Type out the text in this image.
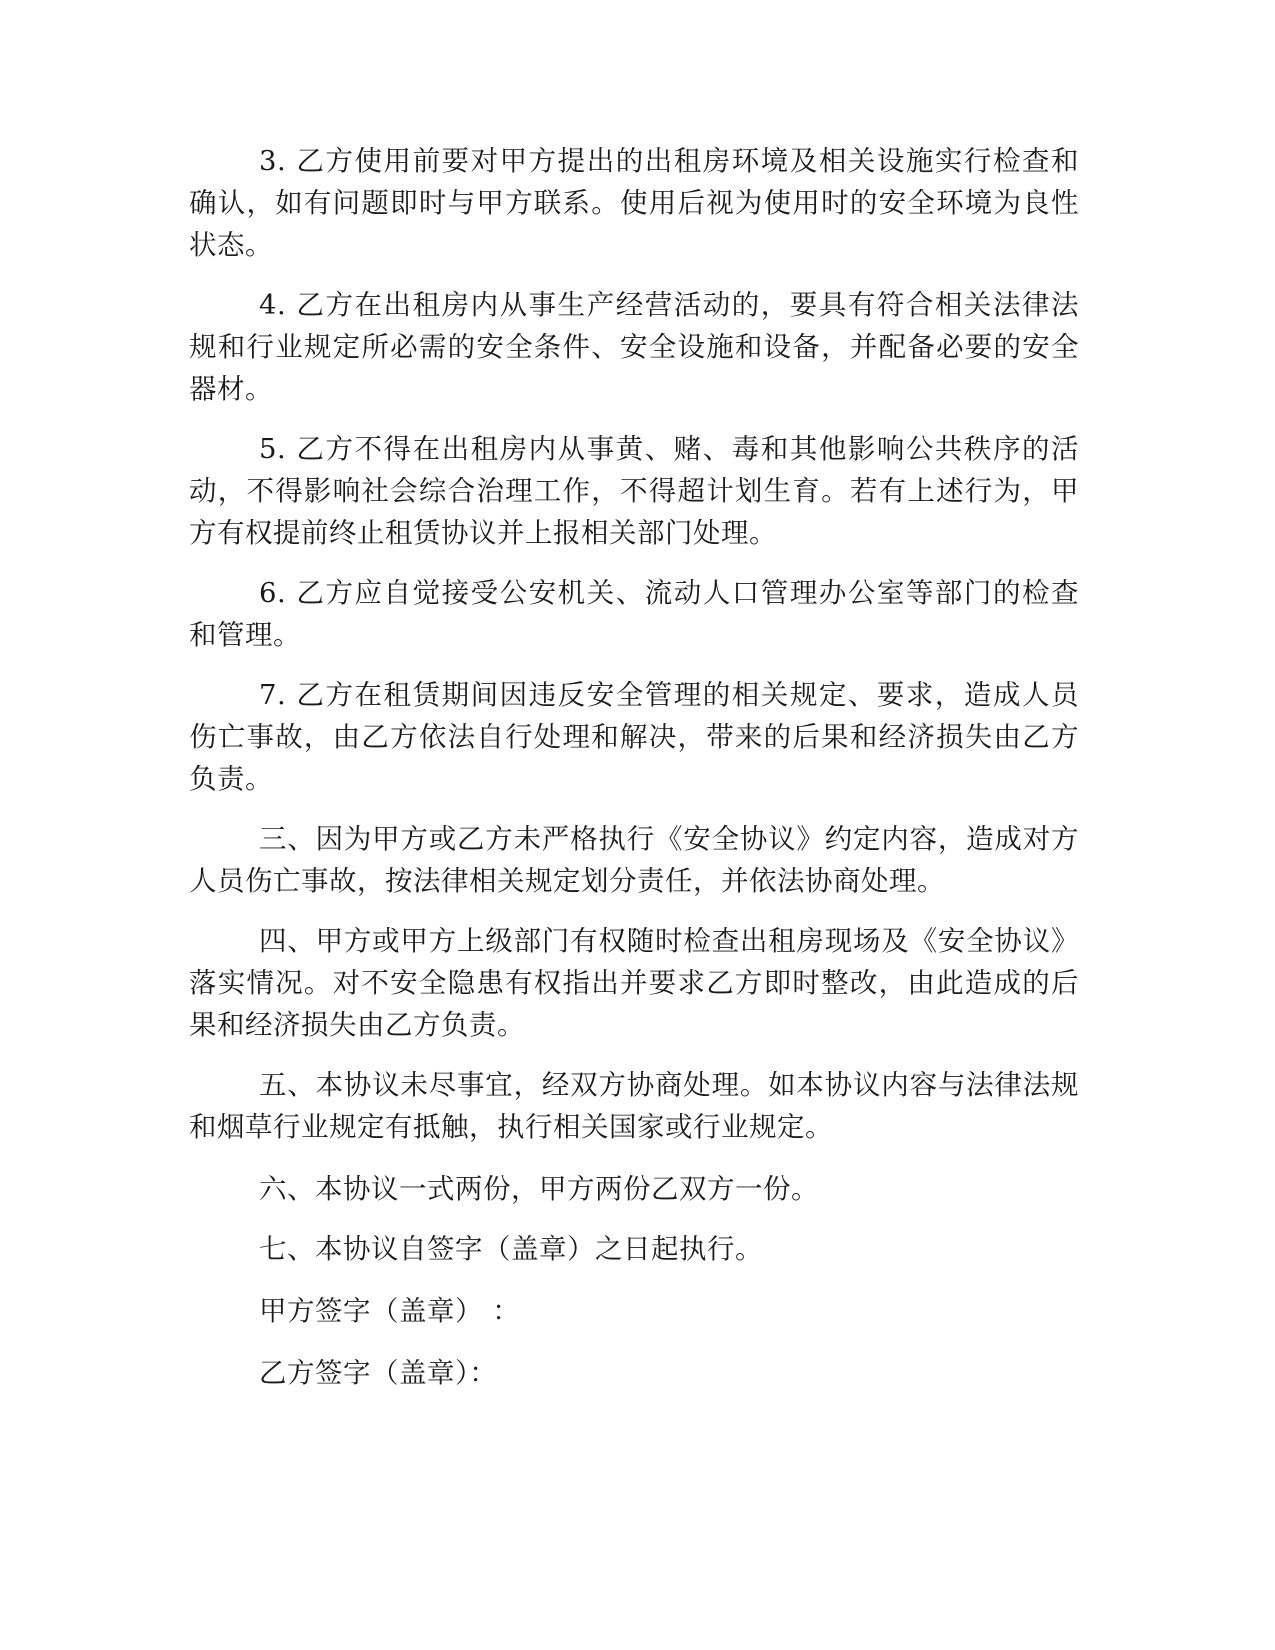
3. 乙方使用前要对甲方提出的出租房环境及相关设施实行检查和确认，如有问题即时与甲方联系。使用后视为使用时的安全环境为良性状态。

4. 乙方在出租房内从事生产经营活动的，要具有符合相关法律法规和行业规定所必需的安全条件、安全设施和设备，并配备必要的安全器材。

5. 乙方不得在出租房内从事黄、赌、毒和其他影响公共秩序的活动，不得影响社会综合治理工作，不得超计划生育。若有上述行为，甲方有权提前终止租赁协议并上报相关部门处理。

6. 乙方应自觉接受公安机关、流动人口管理办公室等部门的检查和管理。

7. 乙方在租赁期间因违反安全管理的相关规定、要求，造成人员伤亡事故，由乙方依法自行处理和解决，带来的后果和经济损失由乙方负责。

三、因为甲方或乙方未严格执行《安全协议》约定内容，造成对方人员伤亡事故，按法律相关规定划分责任，并依法协商处理。

四、甲方或甲方上级部门有权随时检查出租房现场及《安全协议》落实情况。对不安全隐患有权指出并要求乙方即时整改，由此造成的后果和经济损失由乙方负责。

五、本协议未尽事宜，经双方协商处理。如本协议内容与法律法规和烟草行业规定有抵触，执行相关国家或行业规定。

六、本协议一式两份，甲方两份乙双方一份。

七、本协议自签字（盖章）之日起执行。

甲方签字（盖章） ：

乙方签字（盖章）：
